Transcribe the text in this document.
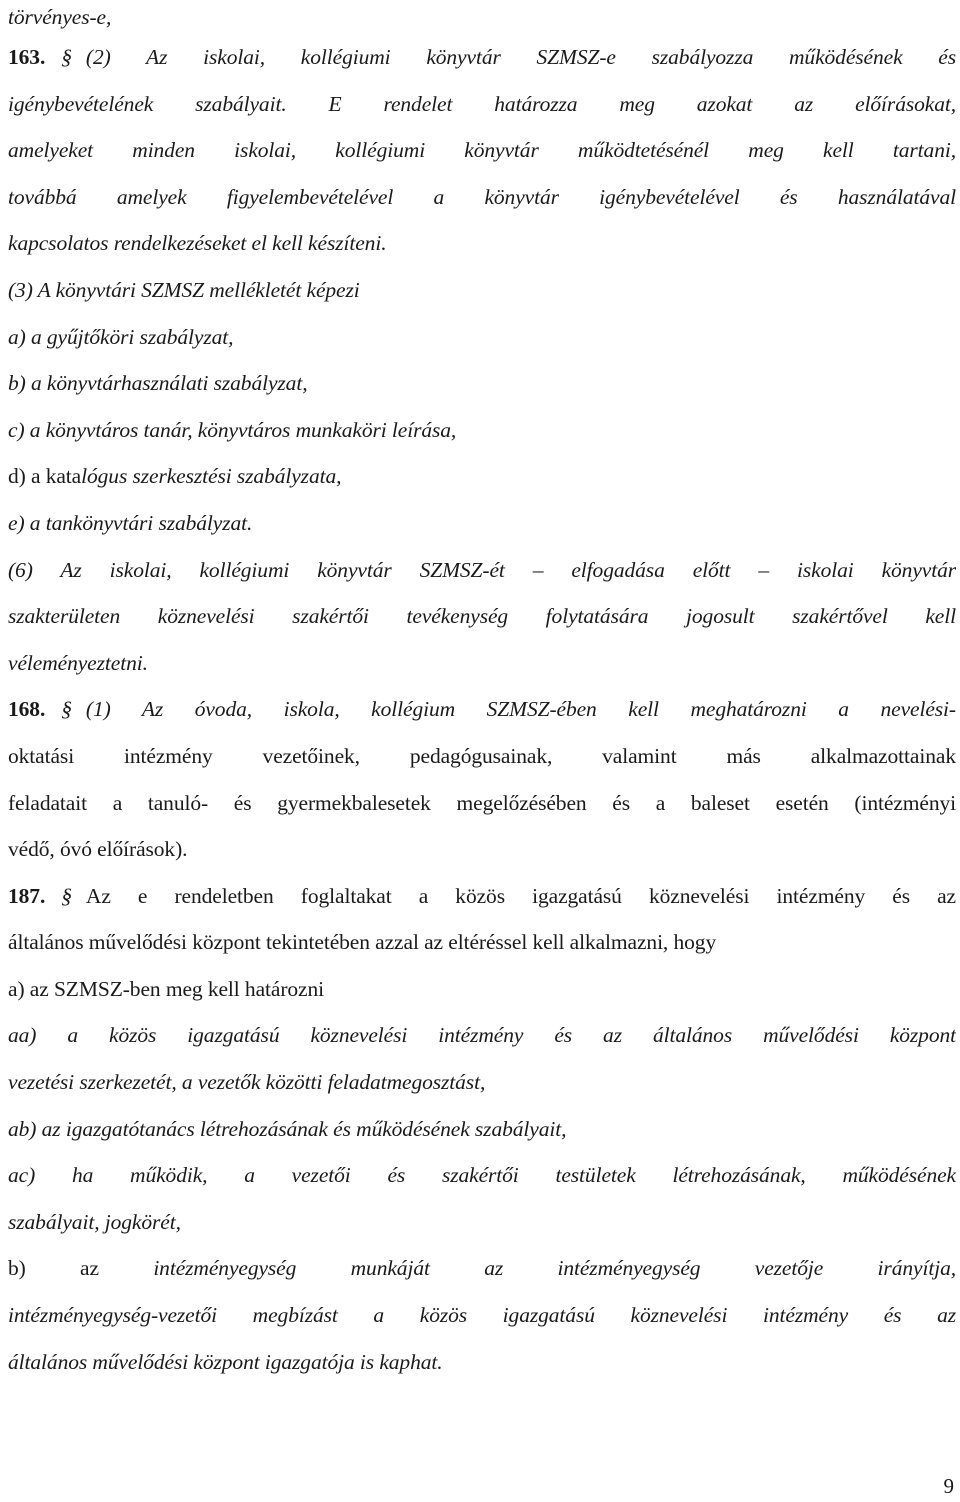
törvényes-e,
163. § (2) Az iskolai, kollégiumi könyvtár SZMSZ-e szabályozza működésének és
igénybevételének szabályait. E rendelet határozza meg azokat az előírásokat,
amelyeket minden iskolai, kollégiumi könyvtár működtetésénél meg kell tartani,
továbbá amelyek figyelembevételével a könyvtár igénybevételével és használatával
kapcsolatos rendelkezéseket el kell készíteni.
(3) A könyvtári SZMSZ mellékletét képezi
a) a gyűjtőköri szabályzat,
b) a könyvtárhasználati szabályzat,
c) a könyvtáros tanár, könyvtáros munkaköri leírása,
d) a katalógus szerkesztési szabályzata,
e) a tankönyvtári szabályzat.
(6) Az iskolai, kollégiumi könyvtár SZMSZ-ét – elfogadása előtt – iskolai könyvtár
szakterületen köznevelési szakértői tevékenység folytatására jogosult szakértővel kell
véleményeztetni.
168. § (1) Az óvoda, iskola, kollégium SZMSZ-ében kell meghatározni a nevelési-
oktatási intézmény vezetőinek, pedagógusainak, valamint más alkalmazottainak
feladatait a tanuló- és gyermekbalesetek megelőzésében és a baleset esetén (intézményi
védő, óvó előírások).
187. § Az e rendeletben foglaltakat a közös igazgatású köznevelési intézmény és az
általános művelődési központ tekintetében azzal az eltéréssel kell alkalmazni, hogy
a) az SZMSZ-ben meg kell határozni
aa) a közös igazgatású köznevelési intézmény és az általános művelődési központ
vezetési szerkezetét, a vezetők közötti feladatmegosztást,
ab) az igazgatótanács létrehozásának és működésének szabályait,
ac) ha működik, a vezetői és szakértői testületek létrehozásának, működésének
szabályait, jogkörét,
b) az intézményegység munkáját az intézményegység vezetője irányítja,
intézményegység-vezetői megbízást a közös igazgatású köznevelési intézmény és az
általános művelődési központ igazgatója is kaphat.
9
